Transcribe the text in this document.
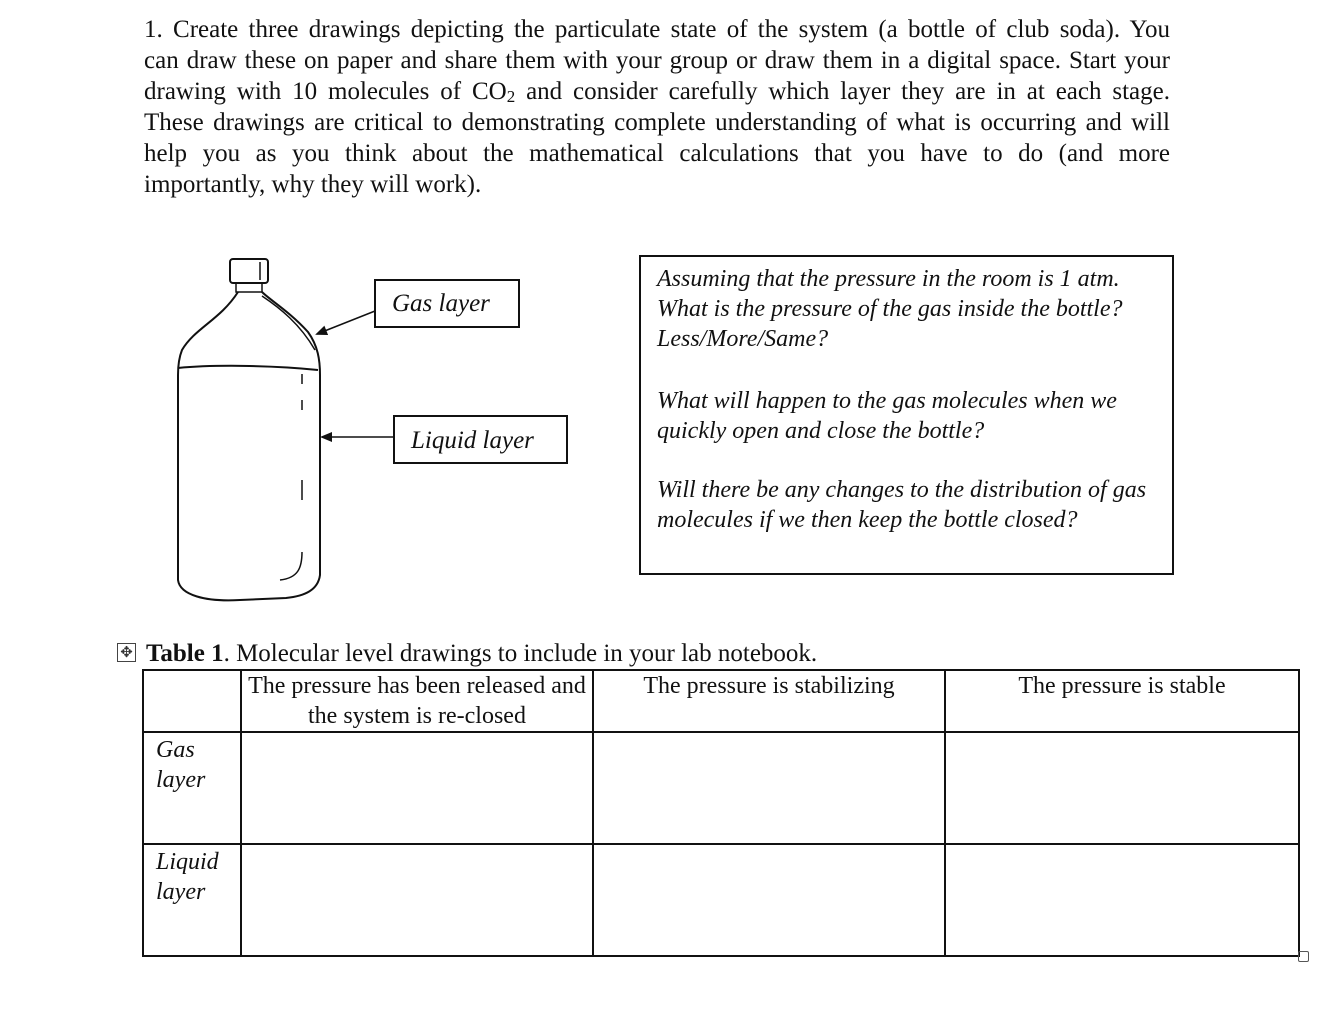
1. Create three drawings depicting the particulate state of the system (a bottle of club soda). You
can draw these on paper and share them with your group or draw them in a digital space. Start your
drawing with 10 molecules of $CO_2$ and consider carefully which layer they are in at each stage.
These drawings are critical to demonstrating complete understanding of what is occurring and will
help you as you think about the mathematical calculations that you have to do (and more
importantly, why they will work).
Gas layer
Liquid layer

Assuming that the pressure in the room is 1 atm. What is the pressure of the gas inside the bottle? Less/More/Same?

What will happen to the gas molecules when we quickly open and close the bottle?

Will there be any changes to the distribution of gas molecules if we then keep the bottle closed?

✥ Table 1. Molecular level drawings to include in your lab notebook.
	The pressure has been released and the system is re-closed	The pressure is stabilizing	The pressure is stable
Gas layer			
Liquid layer			
